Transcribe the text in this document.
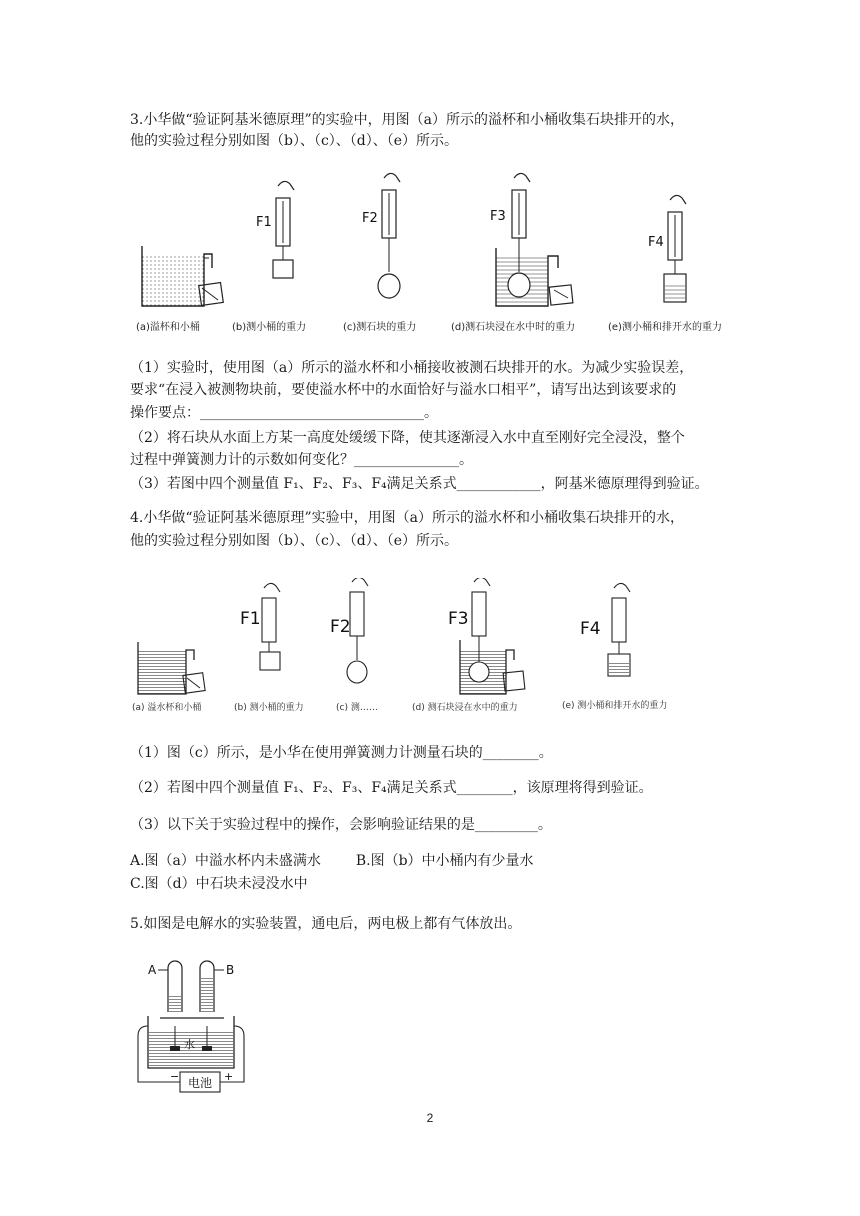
3.小华做“验证阿基米德原理”的实验中，用图（a）所示的溢杯和小桶收集石块排开的水，
他的实验过程分别如图（b）、（c）、（d）、（e）所示。
F1	F2	F3
F4
(a)溢杯和小桶	(b)测小桶的重力	(c)测石块的重力	(d)测石块浸在水中时的重力	(e)测小桶和排开水的重力
（1）实验时，使用图（a）所示的溢水杯和小桶接收被测石块排开的水。为减少实验误差，
要求“在浸入被测物块前，要使溢水杯中的水面恰好与溢水口相平”，请写出达到该要求的
操作要点：________________________________。
（2）将石块从水面上方某一高度处缓缓下降，使其逐渐浸入水中直至刚好完全浸没，整个
过程中弹簧测力计的示数如何变化？_______________。
（3）若图中四个测量值 F₁、F₂、F₃、F₄满足关系式____________，阿基米德原理得到验证。
4.小华做“验证阿基米德原理”实验中，用图（a）所示的溢水杯和小桶收集石块排开的水，
他的实验过程分别如图（b）、（c）、（d）、（e）所示。
F1	F2	F3	F4
(a) 溢水杯和小桶	(b) 测小桶的重力	(c) 测……	(d) 测石块浸在水中的重力	(e) 测小桶和排开水的重力
（1）图（c）所示，是小华在使用弹簧测力计测量石块的________。
（2）若图中四个测量值 F₁、F₂、F₃、F₄满足关系式________，该原理将得到验证。
（3）以下关于实验过程中的操作，会影响验证结果的是_________。
A.图（a）中溢水杯内未盛满水 B.图（b）中小桶内有少量水
C.图（d）中石块未浸没水中
5.如图是电解水的实验装置，通电后，两电极上都有气体放出。
电池
−	+
A	B
水
2
